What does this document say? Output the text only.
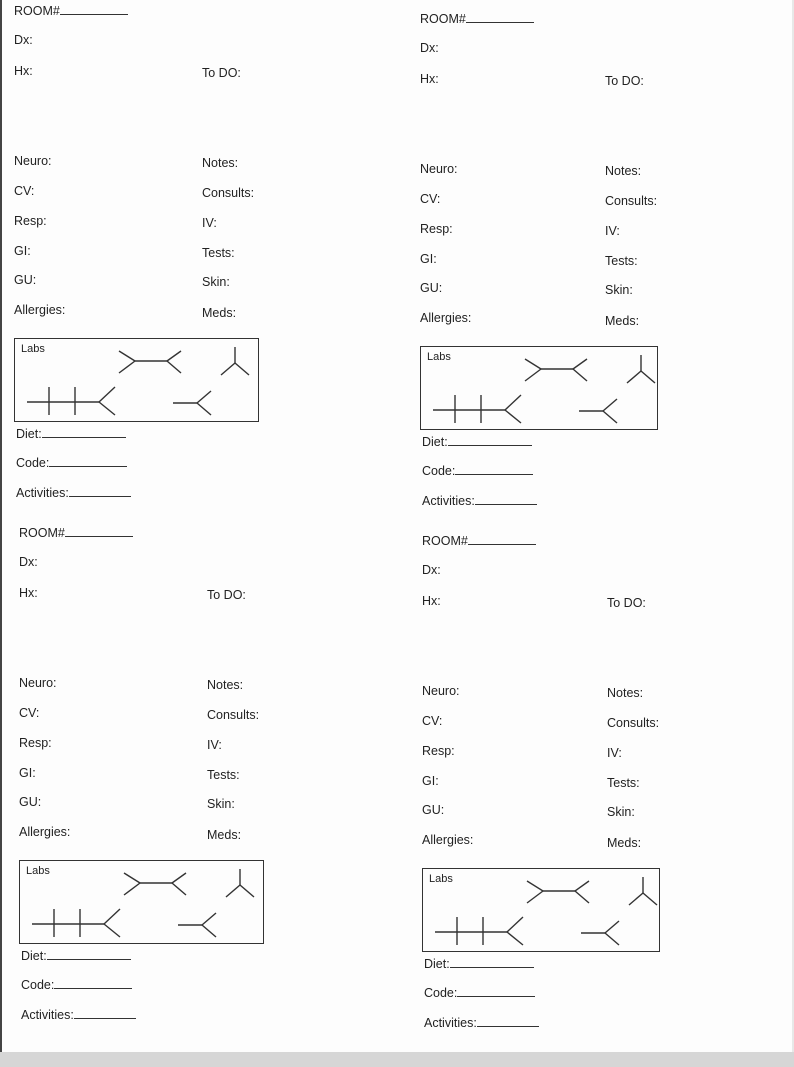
ROOM#
Dx:
Hx:	To DO:
Neuro:
CV:
Resp:
GI:
GU:
Allergies:
Notes:
Consults:
IV:
Tests:
Skin:
Meds:
Labs
Diet:
Code:
Activities:
ROOM#
Dx:
Hx:	To DO:
Neuro:
CV:
Resp:
GI:
GU:
Allergies:
Notes:
Consults:
IV:
Tests:
Skin:
Meds:
Labs
Diet:
Code:
Activities:
ROOM#
Dx:
Hx:	To DO:
Neuro:
CV:
Resp:
GI:
GU:
Allergies:
Notes:
Consults:
IV:
Tests:
Skin:
Meds:
Labs
Diet:
Code:
Activities:
ROOM#
Dx:
Hx:	To DO:
Neuro:
CV:
Resp:
GI:
GU:
Allergies:
Notes:
Consults:
IV:
Tests:
Skin:
Meds:
Labs
Diet:
Code:
Activities:
